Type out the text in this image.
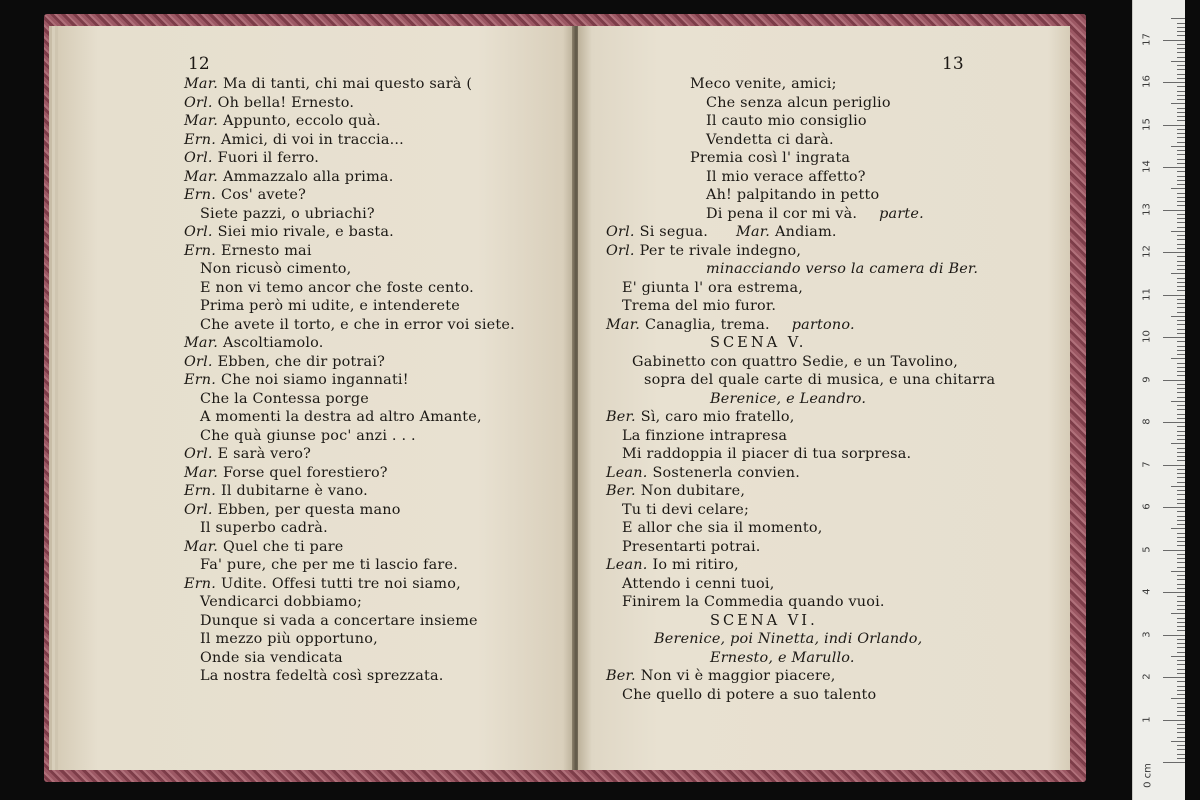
12
Mar. Ma di tanti, chi mai questo sarà (
Orl. Oh bella! Ernesto.
Mar. Appunto, eccolo quà.
Ern. Amici, di voi in traccia...
Orl. Fuori il ferro.
Mar. Ammazzalo alla prima.
Ern. Cos' avete?
Siete pazzi, o ubriachi?
Orl. Siei mio rivale, e basta.
Ern. Ernesto mai
Non ricusò cimento,
E non vi temo ancor che foste cento.
Prima però mi udite, e intenderete
Che avete il torto, e che in error voi siete.
Mar. Ascoltiamolo.
Orl. Ebben, che dir potrai?
Ern. Che noi siamo ingannati!
Che la Contessa porge
A momenti la destra ad altro Amante,
Che quà giunse poc' anzi . . .
Orl. E sarà vero?
Mar. Forse quel forestiero?
Ern. Il dubitarne è vano.
Orl. Ebben, per questa mano
Il superbo cadrà.
Mar. Quel che ti pare
Fa' pure, che per me ti lascio fare.
Ern. Udite. Offesi tutti tre noi siamo,
Vendicarci dobbiamo;
Dunque si vada a concertare insieme
Il mezzo più opportuno,
Onde sia vendicata
La nostra fedeltà così sprezzata.
13
Meco venite, amici;
Che senza alcun periglio
Il cauto mio consiglio
Vendetta ci darà.
Premia così l' ingrata
Il mio verace affetto?
Ah! palpitando in petto
Di pena il cor mi và. parte.
Orl. Si segua. Mar. Andiam.
Orl. Per te rivale indegno,
minacciando verso la camera di Ber.
E' giunta l' ora estrema,
Trema del mio furor.
Mar. Canaglia, trema. partono.
SCENA V.
Gabinetto con quattro Sedie, e un Tavolino,
sopra del quale carte di musica, e una chitarra
Berenice, e Leandro.
Ber. Sì, caro mio fratello,
La finzione intrapresa
Mi raddoppia il piacer di tua sorpresa.
Lean. Sostenerla convien.
Ber. Non dubitare,
Tu ti devi celare;
E allor che sia il momento,
Presentarti potrai.
Lean. Io mi ritiro,
Attendo i cenni tuoi,
Finirem la Commedia quando vuoi.
SCENA VI.
Berenice, poi Ninetta, indi Orlando,
Ernesto, e Marullo.
Ber. Non vi è maggior piacere,
Che quello di potere a suo talento
0 cm
1
2
3
4
5
6
7
8
9
10
11
12
13
14
15
16
17
